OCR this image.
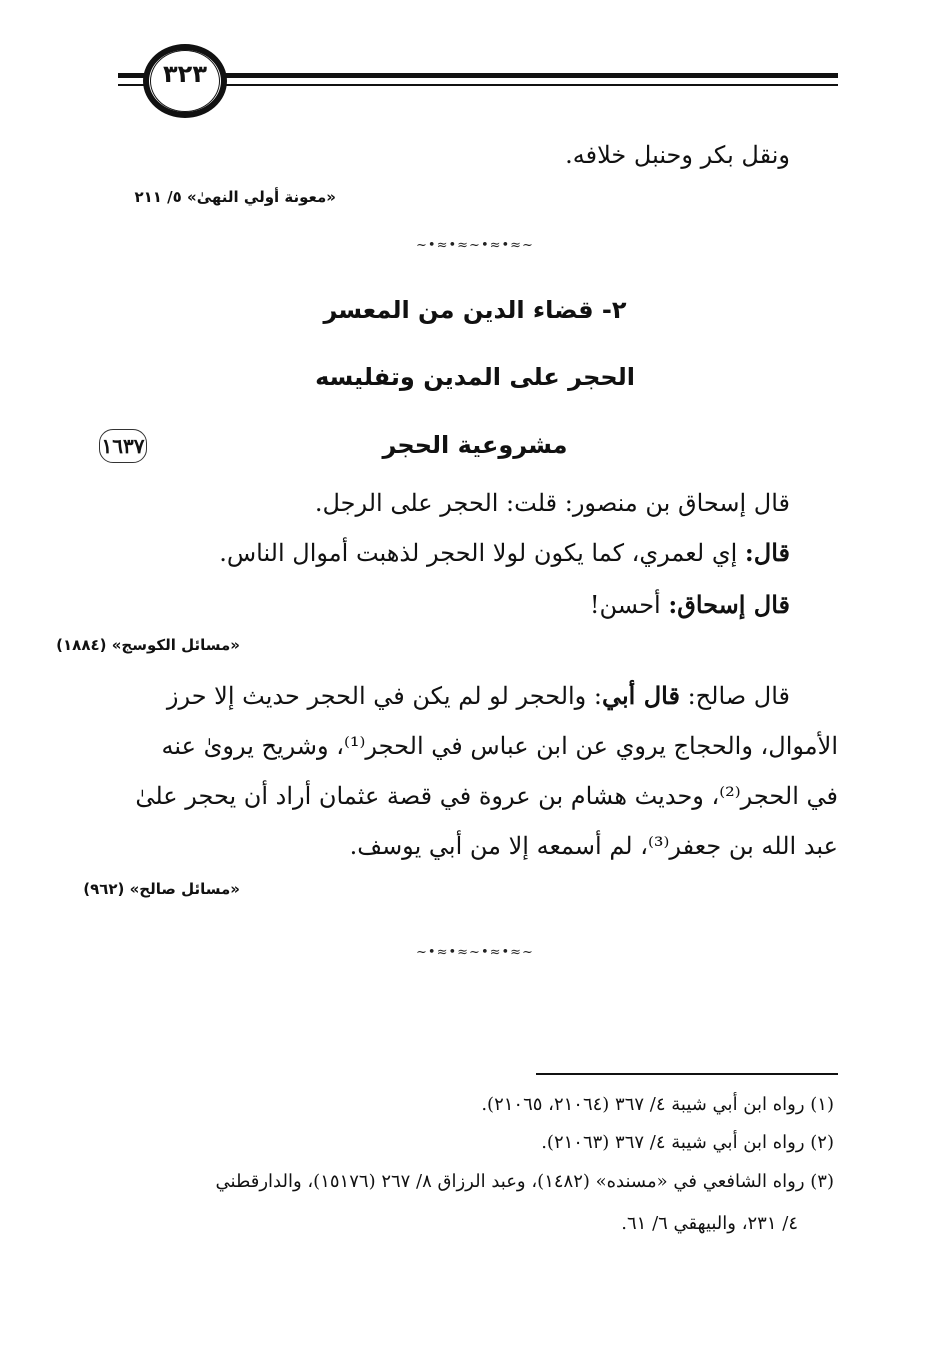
٣٢٣
ونقل بكر وحنبل خلافه.
«معونة أولي النهىٰ» ٥/ ٢١١
~•≈•≈~•≈•≈~
٢- قضاء الدين من المعسر
الحجر على المدين وتفليسه
١٦٣٧	مشروعية الحجر
قال إسحاق بن منصور: قلت: الحجر على الرجل.
قال: إي لعمري، كما يكون لولا الحجر لذهبت أموال الناس.
قال إسحاق: أحسن!
«مسائل الكوسج» (١٨٨٤)
قال صالح: قال أبي: والحجر لو لم يكن في الحجر حديث إلا حرز
الأموال، والحجاج يروي عن ابن عباس في الحجر⁽¹⁾، وشريح يروىٰ عنه
في الحجر⁽²⁾، وحديث هشام بن عروة في قصة عثمان أراد أن يحجر علىٰ
عبد الله بن جعفر⁽³⁾، لم أسمعه إلا من أبي يوسف.
«مسائل صالح» (٩٦٢)
~•≈•≈~•≈•≈~
(١) رواه ابن أبي شيبة ٤/ ٣٦٧ (٢١٠٦٤، ٢١٠٦٥).
(٢) رواه ابن أبي شيبة ٤/ ٣٦٧ (٢١٠٦٣).
(٣) رواه الشافعي في «مسنده» (١٤٨٢)، وعبد الرزاق ٨/ ٢٦٧ (١٥١٧٦)، والدارقطني
٤/ ٢٣١، والبيهقي ٦/ ٦١.
